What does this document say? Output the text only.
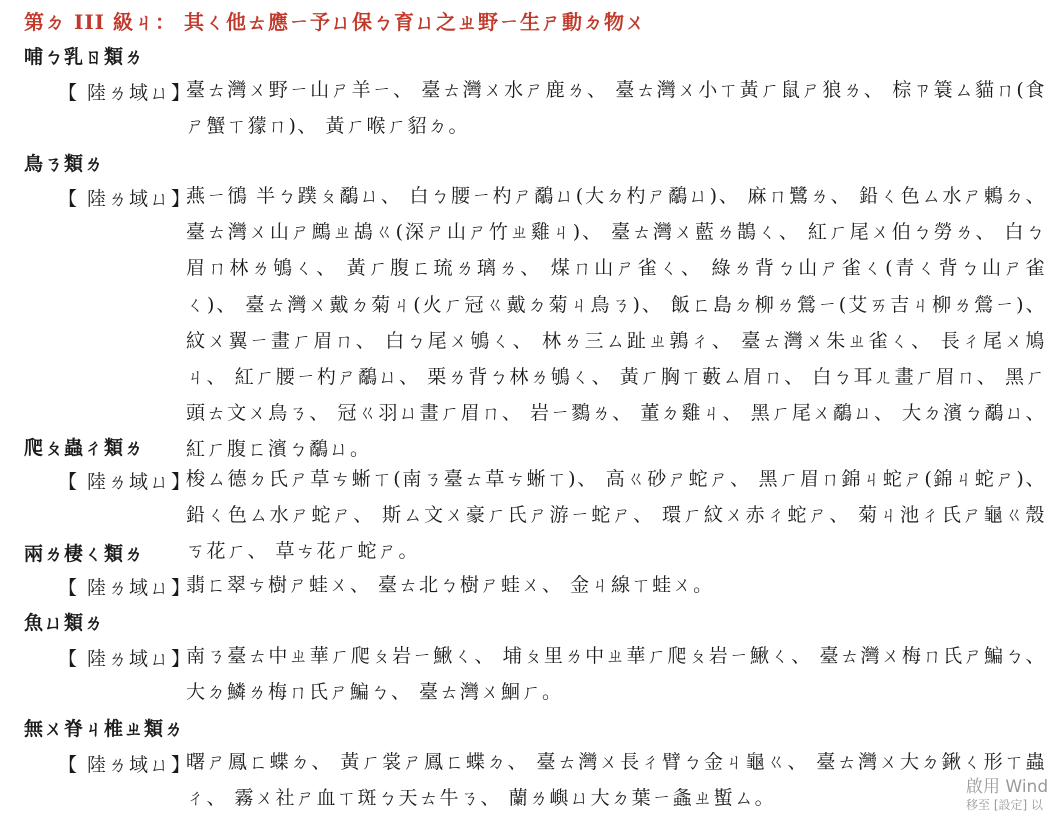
第ㄉ III 級ㄐ： 其ㄑ他ㄊ應ㄧ予ㄩ保ㄅ育ㄩ之ㄓ野ㄧ生ㄕ動ㄉ物ㄨ
哺ㄅ乳ㄖ類ㄌ
【 陸ㄌ域ㄩ】
臺ㄊ灣ㄨ野ㄧ山ㄕ羊ㄧ、 臺ㄊ灣ㄨ水ㄕ鹿ㄌ、 臺ㄊ灣ㄨ小ㄒ黃ㄏ鼠ㄕ狼ㄌ、 棕ㄗ簑ㄙ貓ㄇ(食ㄕ蟹ㄒ獴ㄇ)、 黃ㄏ喉ㄏ貂ㄉ。
鳥ㄋ類ㄌ
【 陸ㄌ域ㄩ】
燕ㄧ鴴 半ㄅ蹼ㄆ鷸ㄩ、 白ㄅ腰ㄧ杓ㄕ鷸ㄩ(大ㄉ杓ㄕ鷸ㄩ)、 麻ㄇ鷺ㄌ、 鉛ㄑ色ㄙ水ㄕ鶇ㄉ、 臺ㄊ灣ㄨ山ㄕ鷓ㄓ鴣ㄍ(深ㄕ山ㄕ竹ㄓ雞ㄐ)、 臺ㄊ灣ㄨ藍ㄌ鵲ㄑ、 紅ㄏ尾ㄨ伯ㄅ勞ㄌ、 白ㄅ眉ㄇ林ㄌ鴝ㄑ、 黃ㄏ腹ㄈ琉ㄌ璃ㄌ、 煤ㄇ山ㄕ雀ㄑ、 綠ㄌ背ㄅ山ㄕ雀ㄑ(青ㄑ背ㄅ山ㄕ雀ㄑ)、 臺ㄊ灣ㄨ戴ㄉ菊ㄐ(火ㄏ冠ㄍ戴ㄉ菊ㄐ鳥ㄋ)、 飯ㄈ島ㄉ柳ㄌ鶯ㄧ(艾ㄞ吉ㄐ柳ㄌ鶯ㄧ)、 紋ㄨ翼ㄧ畫ㄏ眉ㄇ、 白ㄅ尾ㄨ鴝ㄑ、 林ㄌ三ㄙ趾ㄓ鶉ㄔ、 臺ㄊ灣ㄨ朱ㄓ雀ㄑ、 長ㄔ尾ㄨ鳩ㄐ、 紅ㄏ腰ㄧ杓ㄕ鷸ㄩ、 栗ㄌ背ㄅ林ㄌ鴝ㄑ、 黃ㄏ胸ㄒ藪ㄙ眉ㄇ、 白ㄅ耳ㄦ畫ㄏ眉ㄇ、 黑ㄏ頭ㄊ文ㄨ鳥ㄋ、 冠ㄍ羽ㄩ畫ㄏ眉ㄇ、 岩ㄧ鷚ㄌ、 董ㄉ雞ㄐ、 黑ㄏ尾ㄨ鷸ㄩ、 大ㄉ濱ㄅ鷸ㄩ、 紅ㄏ腹ㄈ濱ㄅ鷸ㄩ。
爬ㄆ蟲ㄔ類ㄌ
【 陸ㄌ域ㄩ】
梭ㄙ德ㄉ氏ㄕ草ㄘ蜥ㄒ(南ㄋ臺ㄊ草ㄘ蜥ㄒ)、 高ㄍ砂ㄕ蛇ㄕ、 黑ㄏ眉ㄇ錦ㄐ蛇ㄕ(錦ㄐ蛇ㄕ)、 鉛ㄑ色ㄙ水ㄕ蛇ㄕ、 斯ㄙ文ㄨ豪ㄏ氏ㄕ游ㄧ蛇ㄕ、 環ㄏ紋ㄨ赤ㄔ蛇ㄕ、 菊ㄐ池ㄔ氏ㄕ龜ㄍ殼ㄎ花ㄏ、 草ㄘ花ㄏ蛇ㄕ。
兩ㄌ棲ㄑ類ㄌ
【 陸ㄌ域ㄩ】
翡ㄈ翠ㄘ樹ㄕ蛙ㄨ、 臺ㄊ北ㄅ樹ㄕ蛙ㄨ、 金ㄐ線ㄒ蛙ㄨ。
魚ㄩ類ㄌ
【 陸ㄌ域ㄩ】
南ㄋ臺ㄊ中ㄓ華ㄏ爬ㄆ岩ㄧ鰍ㄑ、 埔ㄆ里ㄌ中ㄓ華ㄏ爬ㄆ岩ㄧ鰍ㄑ、 臺ㄊ灣ㄨ梅ㄇ氏ㄕ鯿ㄅ、 大ㄉ鱗ㄌ梅ㄇ氏ㄕ鯿ㄅ、 臺ㄊ灣ㄨ鮰ㄏ。
無ㄨ脊ㄐ椎ㄓ類ㄌ
【 陸ㄌ域ㄩ】
曙ㄕ鳳ㄈ蝶ㄉ、 黃ㄏ裳ㄕ鳳ㄈ蝶ㄉ、 臺ㄊ灣ㄨ長ㄔ臂ㄅ金ㄐ龜ㄍ、 臺ㄊ灣ㄨ大ㄉ鍬ㄑ形ㄒ蟲ㄔ、 霧ㄨ社ㄕ血ㄒ斑ㄅ天ㄊ牛ㄋ、 蘭ㄌ嶼ㄩ大ㄉ葉ㄧ螽ㄓ蟴ㄙ。
啟用 Wind
移至 [設定] 以
